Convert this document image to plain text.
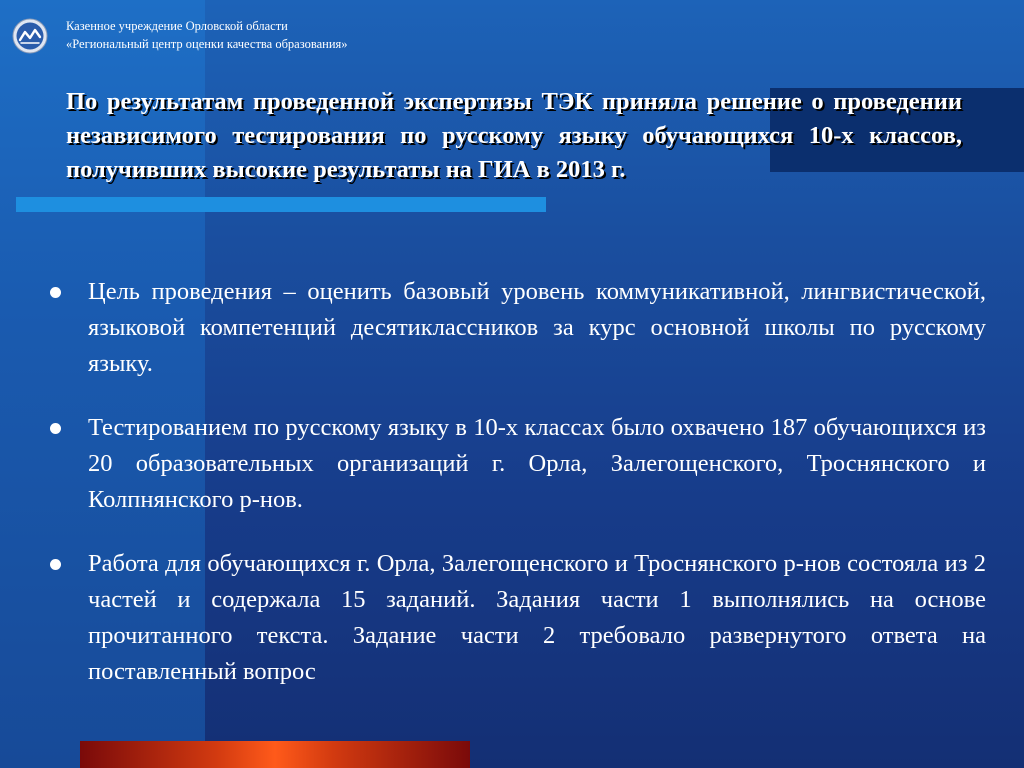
Казенное учреждение Орловской области
«Региональный центр оценки качества образования»
По результатам проведенной экспертизы ТЭК приняла решение о проведении независимого тестирования по русскому языку обучающихся 10-х классов, получивших высокие результаты на ГИА в 2013 г.
Цель проведения – оценить базовый уровень коммуникативной, лингвистической, языковой компетенций десятиклассников за курс основной школы по русскому языку.
Тестированием по русскому языку в 10-х классах было охвачено 187 обучающихся из 20 образовательных организаций г. Орла, Залегощенского, Троснянского и Колпнянского р-нов.
Работа для обучающихся г. Орла, Залегощенского и Троснянского р-нов состояла из 2 частей и содержала 15 заданий. Задания части 1 выполнялись на основе прочитанного текста. Задание части 2 требовало развернутого ответа на поставленный вопрос
